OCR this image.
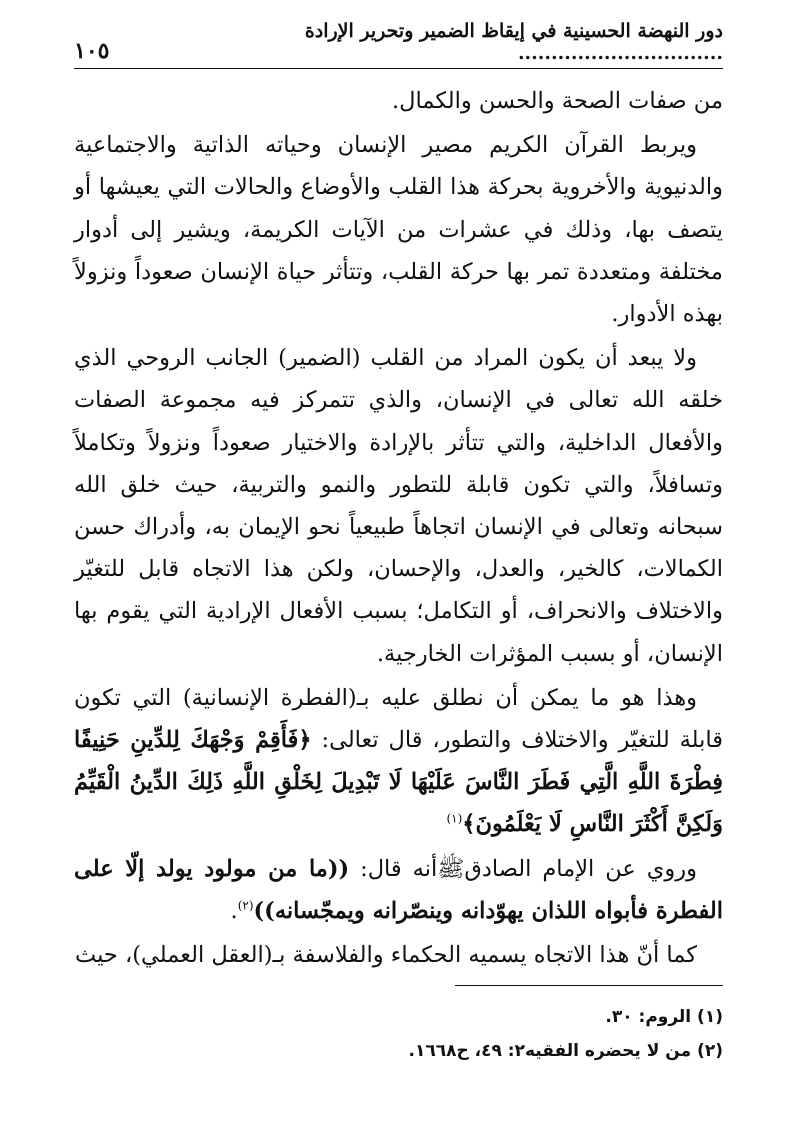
دور النهضة الحسينية في إيقاظ الضمير وتحرير الإرادة ...............................
١٠٥

من صفات الصحة والحسن والكمال.

ويربط القرآن الكريم مصير الإنسان وحياته الذاتية والاجتماعية والدنيوية والأخروية بحركة هذا القلب والأوضاع والحالات التي يعيشها أو يتصف بها، وذلك في عشرات من الآيات الكريمة، ويشير إلى أدوار مختلفة ومتعددة تمر بها حركة القلب، وتتأثر حياة الإنسان صعوداً ونزولاً بهذه الأدوار.

ولا يبعد أن يكون المراد من القلب (الضمير) الجانب الروحي الذي خلقه الله تعالى في الإنسان، والذي تتمركز فيه مجموعة الصفات والأفعال الداخلية، والتي تتأثر بالإرادة والاختيار صعوداً ونزولاً وتكاملاً وتسافلاً، والتي تكون قابلة للتطور والنمو والتربية، حيث خلق الله سبحانه وتعالى في الإنسان اتجاهاً طبيعياً نحو الإيمان به، وأدراك حسن الكمالات، كالخير، والعدل، والإحسان، ولكن هذا الاتجاه قابل للتغيّر والاختلاف والانحراف، أو التكامل؛ بسبب الأفعال الإرادية التي يقوم بها الإنسان، أو بسبب المؤثرات الخارجية.

وهذا هو ما يمكن أن نطلق عليه بـ(الفطرة الإنسانية) التي تكون قابلة للتغيّر والاختلاف والتطور، قال تعالى: ﴿فَأَقِمْ وَجْهَكَ لِلدِّينِ حَنِيفًا فِطْرَةَ اللَّهِ الَّتِي فَطَرَ النَّاسَ عَلَيْهَا لَا تَبْدِيلَ لِخَلْقِ اللَّهِ ذَلِكَ الدِّينُ الْقَيِّمُ وَلَكِنَّ أَكْثَرَ النَّاسِ لَا يَعْلَمُونَ﴾$^{(١)}$

وروي عن الإمام الصادقﷺأنه قال: ((ما من مولود يولد إلّا على الفطرة فأبواه اللذان يهوّدانه وينصّرانه ويمجّسانه))$^{(٢)}$.

كما أنّ هذا الاتجاه يسميه الحكماء والفلاسفة بـ(العقل العملي)، حيث

(١) الروم: ٣٠.
(٢) من لا يحضره الفقيه٢: ٤٩، ح١٦٦٨.
